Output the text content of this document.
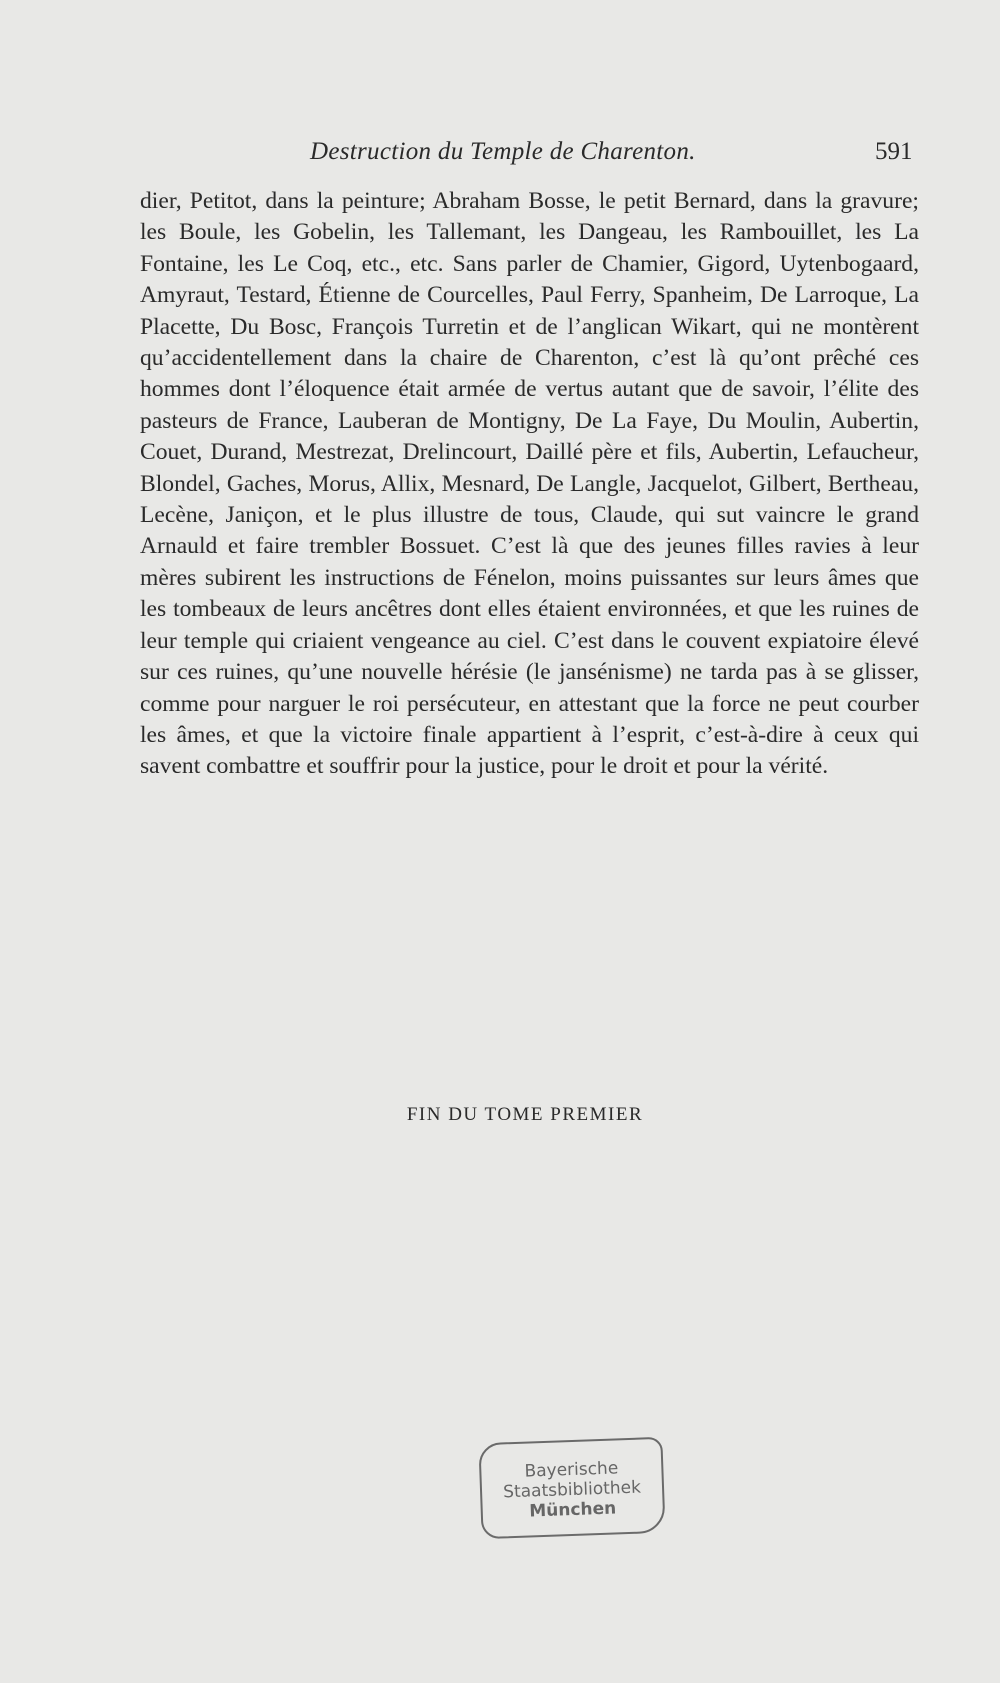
Destruction du Temple de Charenton.	591

dier, Petitot, dans la peinture; Abraham Bosse, le petit Bernard, dans la gravure; les Boule, les Gobelin, les Tallemant, les Dangeau, les Rambouillet, les La Fontaine, les Le Coq, etc., etc. Sans parler de Chamier, Gigord, Uytenbogaard, Amyraut, Testard, Étienne de Courcelles, Paul Ferry, Spanheim, De Larroque, La Placette, Du Bosc, François Turretin et de l’anglican Wikart, qui ne montèrent qu’accidentellement dans la chaire de Charenton, c’est là qu’ont prêché ces hommes dont l’éloquence était armée de vertus autant que de savoir, l’élite des pasteurs de France, Lauberan de Montigny, De La Faye, Du Moulin, Aubertin, Couet, Durand, Mestrezat, Drelincourt, Daillé père et fils, Aubertin, Lefaucheur, Blondel, Gaches, Morus, Allix, Mesnard, De Langle, Jacquelot, Gilbert, Bertheau, Lecène, Janiçon, et le plus illustre de tous, Claude, qui sut vaincre le grand Arnauld et faire trembler Bossuet. C’est là que des jeunes filles ravies à leur mères subirent les instructions de Fénelon, moins puissantes sur leurs âmes que les tombeaux de leurs ancêtres dont elles étaient environnées, et que les ruines de leur temple qui criaient vengeance au ciel. C’est dans le couvent expiatoire élevé sur ces ruines, qu’une nouvelle hérésie (le jansénisme) ne tarda pas à se glisser, comme pour narguer le roi persécuteur, en attestant que la force ne peut courber les âmes, et que la victoire finale appartient à l’esprit, c’est-à-dire à ceux qui savent combattre et souffrir pour la justice, pour le droit et pour la vérité.

FIN DU TOME PREMIER
Bayerische
Staatsbibliothek
München
